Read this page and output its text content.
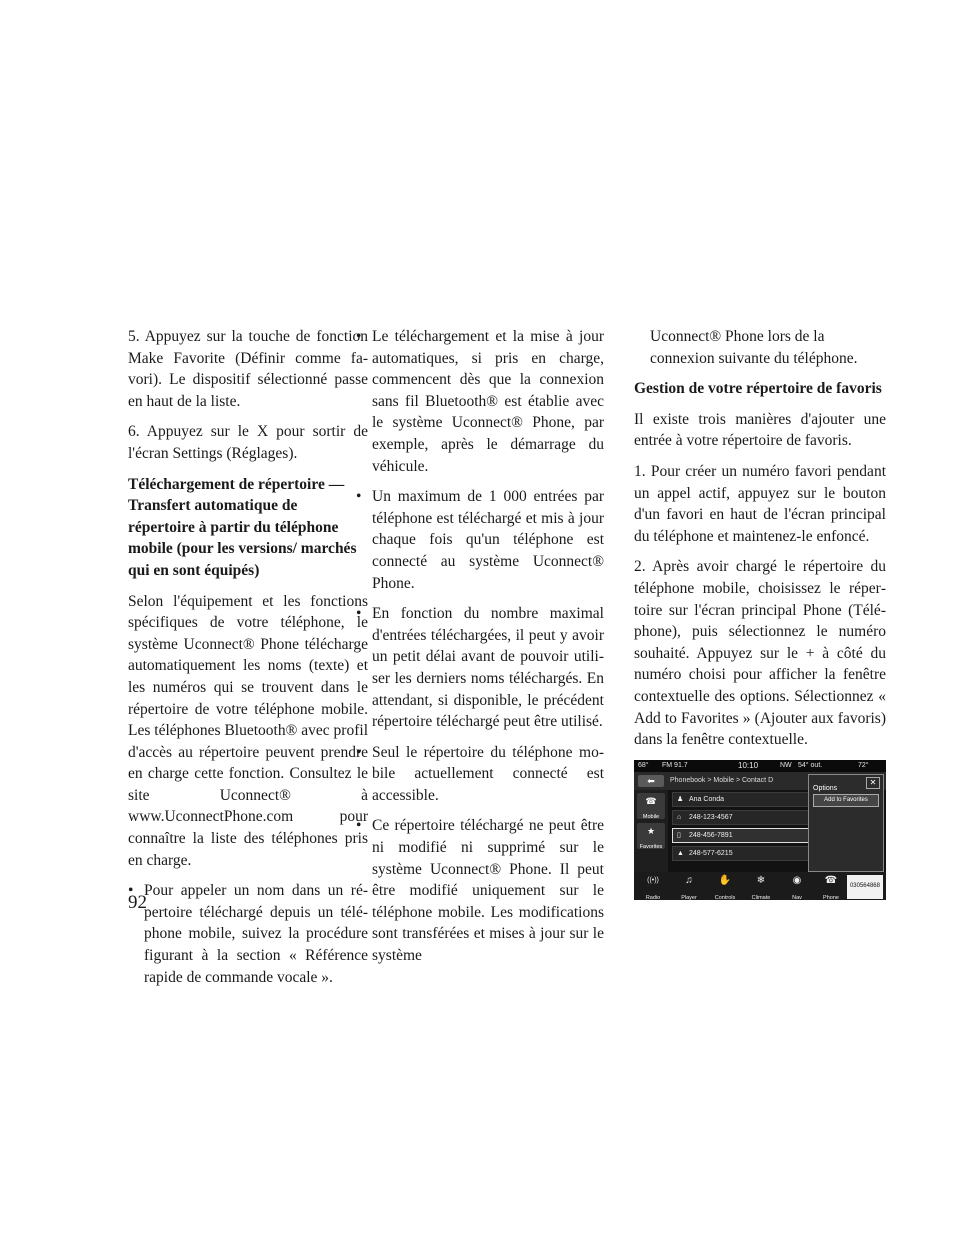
5. Appuyez sur la touche de fonction Make Favorite (Définir comme favori). Le dispositif sélectionné passe en haut de la liste.

6. Appuyez sur le X pour sortir de l'écran Settings (Réglages).

Téléchargement de répertoire — Transfert automatique de répertoire à partir du téléphone mobile (pour les versions/ marchés qui en sont équipés)

Selon l'équipement et les fonctions spécifiques de votre téléphone, le système Uconnect® Phone télécharge automatiquement les noms (texte) et les numéros qui se trouvent dans le répertoire de votre téléphone mobile. Les téléphones Bluetooth® avec profil d'accès au répertoire peuvent prendre en charge cette fonction. Consultez le site Uconnect® à www.UconnectPhone.com pour connaître la liste des téléphones pris en charge.

• Pour appeler un nom dans un répertoire téléchargé depuis un téléphone mobile, suivez la procédure figurant à la section « Référence rapide de commande vocale ».

• Le téléchargement et la mise à jour automatiques, si pris en charge, commencent dès que la connexion sans fil Bluetooth® est établie avec le système Uconnect® Phone, par exemple, après le démarrage du véhicule.

• Un maximum de 1 000 entrées par téléphone est téléchargé et mis à jour chaque fois qu'un téléphone est connecté au système Uconnect® Phone.

• En fonction du nombre maximal d'entrées téléchargées, il peut y avoir un petit délai avant de pouvoir utiliser les derniers noms téléchargés. En attendant, si disponible, le précédent répertoire téléchargé peut être utilisé.

• Seul le répertoire du téléphone mobile actuellement connecté est accessible.

• Ce répertoire téléchargé ne peut être ni modifié ni supprimé sur le système Uconnect® Phone. Il peut être modifié uniquement sur le téléphone mobile. Les modifications sont transférées et mises à jour sur le système

Uconnect® Phone lors de la connexion suivante du téléphone.

Gestion de votre répertoire de favoris

Il existe trois manières d'ajouter une entrée à votre répertoire de favoris.

1. Pour créer un numéro favori pendant un appel actif, appuyez sur le bouton d'un favori en haut de l'écran principal du téléphone et maintenez-le enfoncé.

2. Après avoir chargé le répertoire du téléphone mobile, choisissez le répertoire sur l'écran principal Phone (Téléphone), puis sélectionnez le numéro souhaité. Appuyez sur le + à côté du numéro choisi pour afficher la fenêtre contextuelle des options. Sélectionnez « Add to Favorites » (Ajouter aux favoris) dans la fenêtre contextuelle.

68° FM 91.7	10:10	NW 54° out.	72°
⬅	Phonebook > Mobile > Contact D
☎
Mobile
★
Favorites
♟ Ana Conda
⌂ 248-123-4567
▯ 248-456-7891
▲ 248-577-6215
Options
✕
Add to Favorites
((•))
Radio
♫
Player
✋
Controls
❄
Climate
◉
Nav
☎
Phone
030564868
92
